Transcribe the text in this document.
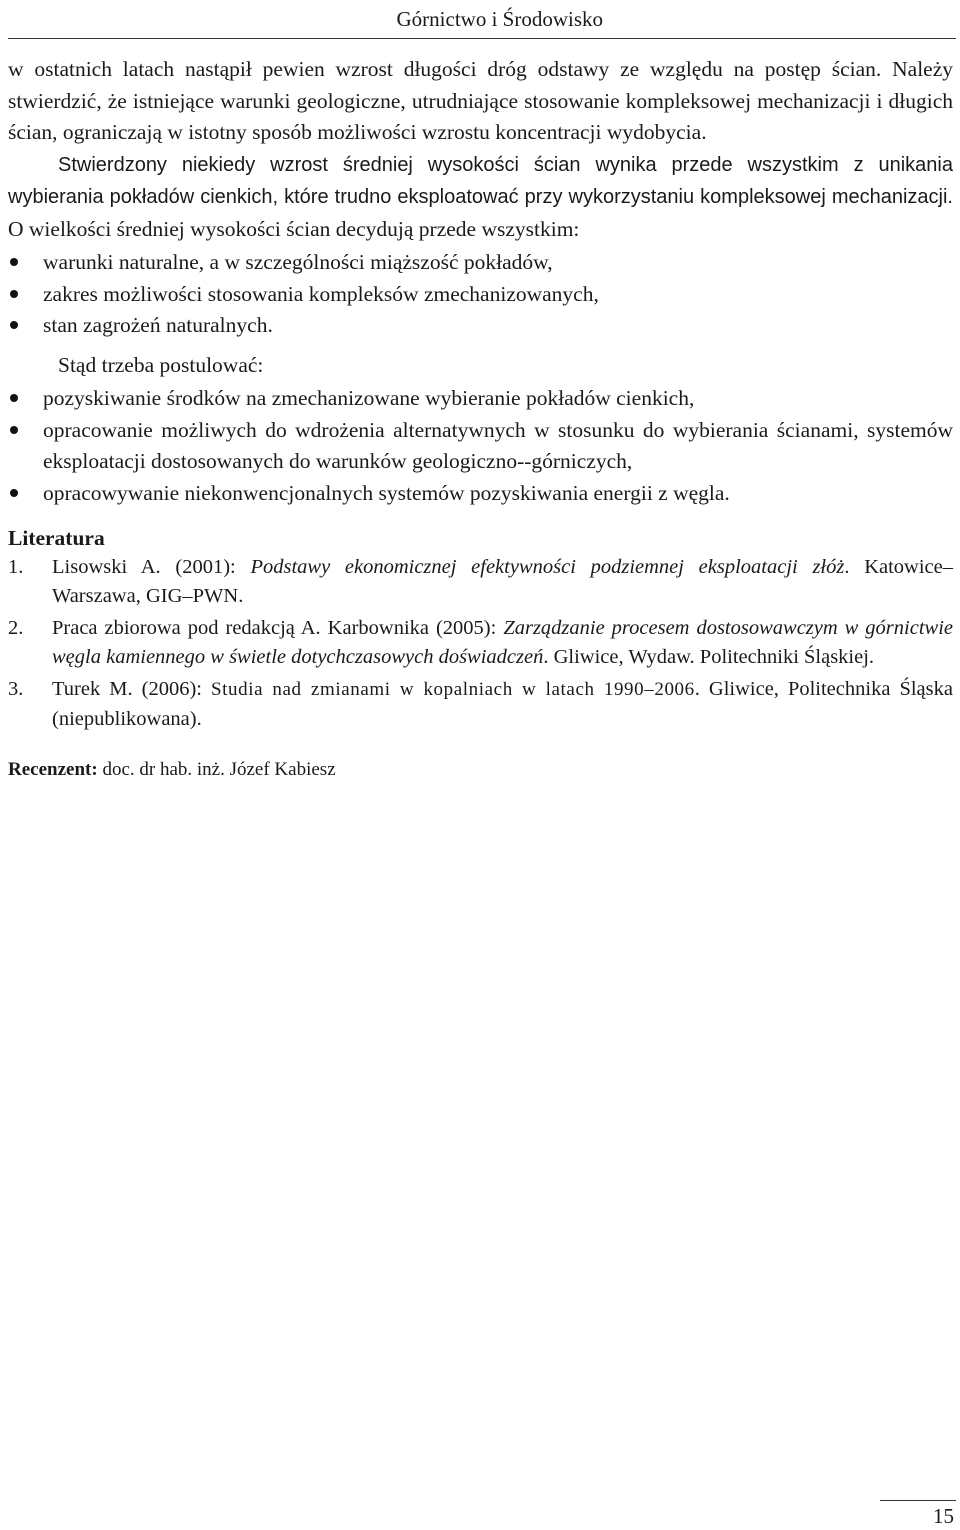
Górnictwo i Środowisko

w ostatnich latach nastąpił pewien wzrost długości dróg odstawy ze względu na postęp ścian. Należy stwierdzić, że istniejące warunki geologiczne, utrudniające stosowanie kompleksowej mechanizacji i długich ścian, ograniczają w istotny sposób możliwości wzrostu koncentracji wydobycia.

Stwierdzony niekiedy wzrost średniej wysokości ścian wynika przede wszystkim z unikania wybierania pokładów cienkich, które trudno eksploatować przy wykorzystaniu kompleksowej mechanizacji. O wielkości średniej wysokości ścian decydują przede wszystkim:

warunki naturalne, a w szczególności miąższość pokładów,
zakres możliwości stosowania kompleksów zmechanizowanych,
stan zagrożeń naturalnych.

Stąd trzeba postulować:

pozyskiwanie środków na zmechanizowane wybieranie pokładów cienkich,
opracowanie możliwych do wdrożenia alternatywnych w stosunku do wybierania ścianami, systemów eksploatacji dostosowanych do warunków geologiczno--górniczych,
opracowywanie niekonwencjonalnych systemów pozyskiwania energii z węgla.

Literatura

1. Lisowski A. (2001): Podstawy ekonomicznej efektywności podziemnej eksploatacji złóż. Katowice–Warszawa, GIG–PWN.
2. Praca zbiorowa pod redakcją A. Karbownika (2005): Zarządzanie procesem dostosowawczym w górnictwie węgla kamiennego w świetle dotychczasowych doświadczeń. Gliwice, Wydaw. Politechniki Śląskiej.
3. Turek M. (2006): Studia nad zmianami w kopalniach w latach 1990–2006. Gliwice, Politechnika Śląska (niepublikowana).
Recenzent: doc. dr hab. inż. Józef Kabiesz
15
